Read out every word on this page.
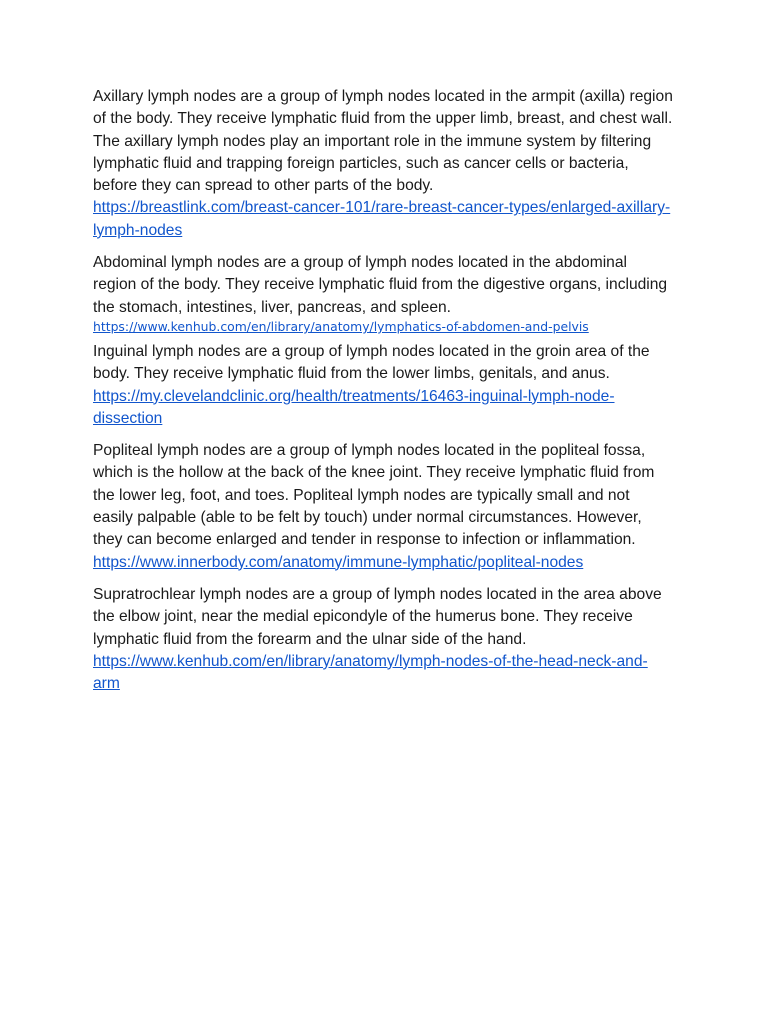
Axillary lymph nodes are a group of lymph nodes located in the armpit (axilla) region of the body. They receive lymphatic fluid from the upper limb, breast, and chest wall. The axillary lymph nodes play an important role in the immune system by filtering lymphatic fluid and trapping foreign particles, such as cancer cells or bacteria, before they can spread to other parts of the body.
https://breastlink.com/breast-cancer-101/rare-breast-cancer-types/enlarged-axillary-lymph-nodes

Abdominal lymph nodes are a group of lymph nodes located in the abdominal region of the body. They receive lymphatic fluid from the digestive organs, including the stomach, intestines, liver, pancreas, and spleen.
https://www.kenhub.com/en/library/anatomy/lymphatics-of-abdomen-and-pelvis

Inguinal lymph nodes are a group of lymph nodes located in the groin area of the body. They receive lymphatic fluid from the lower limbs, genitals, and anus. https://my.clevelandclinic.org/health/treatments/16463-inguinal-lymph-node-dissection

Popliteal lymph nodes are a group of lymph nodes located in the popliteal fossa, which is the hollow at the back of the knee joint. They receive lymphatic fluid from the lower leg, foot, and toes. Popliteal lymph nodes are typically small and not easily palpable (able to be felt by touch) under normal circumstances. However, they can become enlarged and tender in response to infection or inflammation. https://www.innerbody.com/anatomy/immune-lymphatic/popliteal-nodes

Supratrochlear lymph nodes are a group of lymph nodes located in the area above the elbow joint, near the medial epicondyle of the humerus bone. They receive lymphatic fluid from the forearm and the ulnar side of the hand.
https://www.kenhub.com/en/library/anatomy/lymph-nodes-of-the-head-neck-and-arm
